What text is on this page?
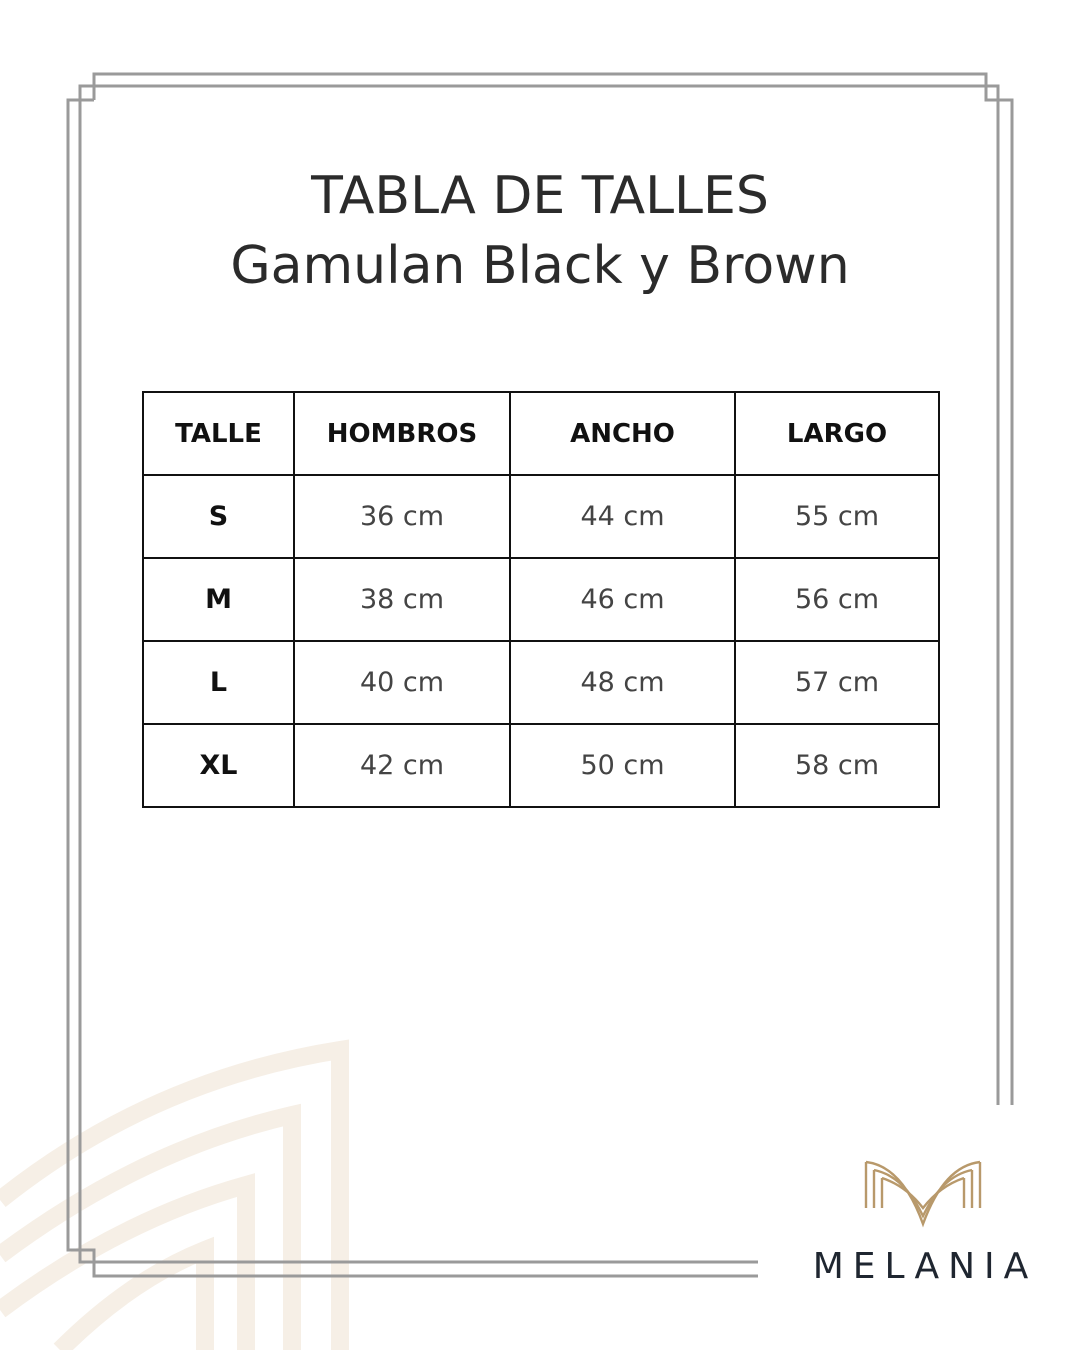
TABLA DE TALLES
Gamulan Black y Brown
TALLE	HOMBROS	ANCHO	LARGO
S	36 cm	44 cm	55 cm
M	38 cm	46 cm	56 cm
L	40 cm	48 cm	57 cm
XL	42 cm	50 cm	58 cm
MELANIA
